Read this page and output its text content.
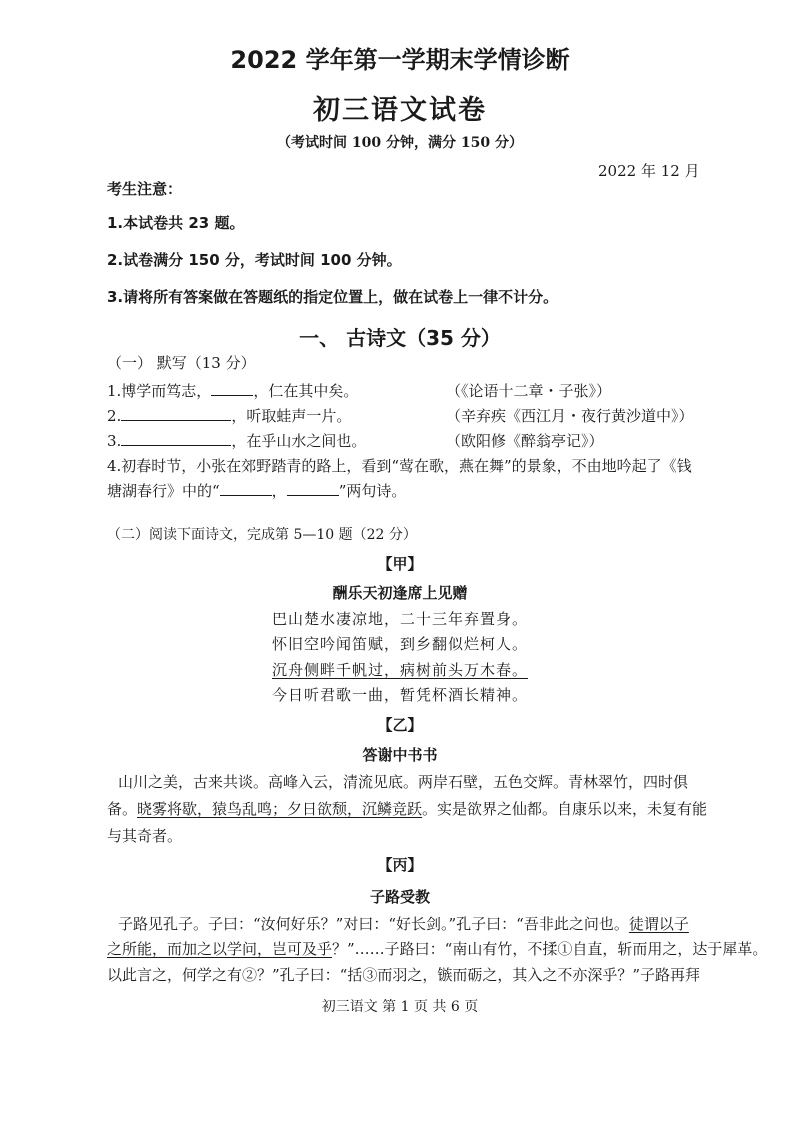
2022 学年第一学期末学情诊断
初三语文试卷
（考试时间 100 分钟，满分 150 分）
2022 年 12 月
考生注意：
1.本试卷共 23 题。
2.试卷满分 150 分，考试时间 100 分钟。
3.请将所有答案做在答题纸的指定位置上，做在试卷上一律不计分。
一、 古诗文（35 分）
（一） 默写（13 分）
1.博学而笃志，	，仁在其中矣。	（《论语十二章・子张》）
2.	，听取蛙声一片。	（辛弃疾《西江月・夜行黄沙道中》）
3.	，在乎山水之间也。	（欧阳修《醉翁亭记》）
4.初春时节，小张在郊野踏青的路上，看到“莺在歌，燕在舞”的景象，不由地吟起了《钱
塘湖春行》中的“	，	”两句诗。
（二）阅读下面诗文，完成第 5—10 题（22 分）
【甲】
酬乐天初逢席上见赠
巴山楚水凄凉地，二十三年弃置身。
怀旧空吟闻笛赋，到乡翻似烂柯人。
沉舟侧畔千帆过，病树前头万木春。
今日听君歌一曲，暂凭杯酒长精神。
【乙】
答谢中书书
山川之美，古来共谈。高峰入云，清流见底。两岸石壁，五色交辉。青林翠竹，四时俱
备。晓雾将歇，猿鸟乱鸣；夕日欲颓，沉鳞竞跃。实是欲界之仙都。自康乐以来，未复有能
与其奇者。
【丙】
子路受教
子路见孔子。子曰：“汝何好乐？”对曰：“好长剑。”孔子曰：“吾非此之问也。徒谓以子
之所能，而加之以学问，岂可及乎？”……子路曰：“南山有竹，不揉①自直，斩而用之，达于犀革。
以此言之，何学之有②？”孔子曰：“括③而羽之，镞而砺之，其入之不亦深乎？”子路再拜
初三语文 第 1 页 共 6 页
